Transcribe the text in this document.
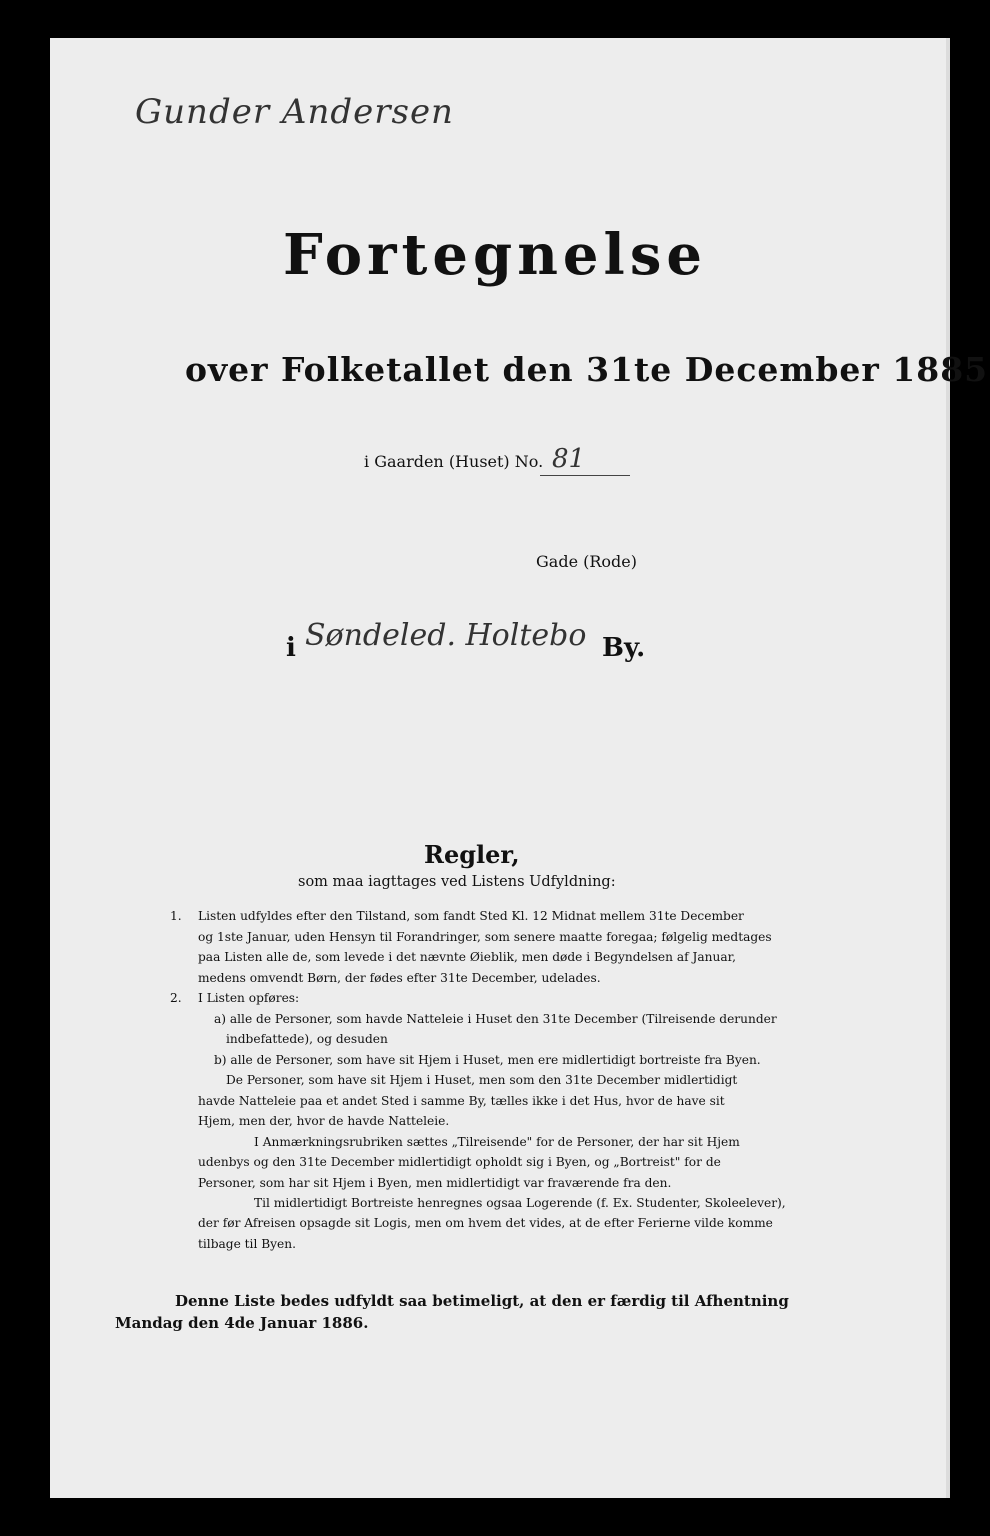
Gunder Andersen
Fortegnelse
over Folketallet den 31te December 1885
i Gaarden (Huset) No. 81
Gade (Rode)
i Søndeled. Holtebo By.
Regler,
som maa iagttages ved Listens Udfyldning:
1. Listen udfyldes efter den Tilstand, som fandt Sted Kl. 12 Midnat mellem 31te December
og 1ste Januar, uden Hensyn til Forandringer, som senere maatte foregaa; følgelig medtages
paa Listen alle de, som levede i det nævnte Øieblik, men døde i Begyndelsen af Januar,
medens omvendt Børn, der fødes efter 31te December, udelades.
2. I Listen opføres:
a) alle de Personer, som havde Natteleie i Huset den 31te December (Tilreisende derunder
indbefattede), og desuden
b) alle de Personer, som have sit Hjem i Huset, men ere midlertidigt bortreiste fra Byen.
De Personer, som have sit Hjem i Huset, men som den 31te December midlertidigt
havde Natteleie paa et andet Sted i samme By, tælles ikke i det Hus, hvor de have sit
Hjem, men der, hvor de havde Natteleie.
I Anmærkningsrubriken sættes „Tilreisende" for de Personer, der har sit Hjem
udenbys og den 31te December midlertidigt opholdt sig i Byen, og „Bortreist" for de
Personer, som har sit Hjem i Byen, men midlertidigt var fraværende fra den.
Til midlertidigt Bortreiste henregnes ogsaa Logerende (f. Ex. Studenter, Skoleelever),
der før Afreisen opsagde sit Logis, men om hvem det vides, at de efter Ferierne vilde komme
tilbage til Byen.
Denne Liste bedes udfyldt saa betimeligt, at den er færdig til Afhentning
Mandag den 4de Januar 1886.
